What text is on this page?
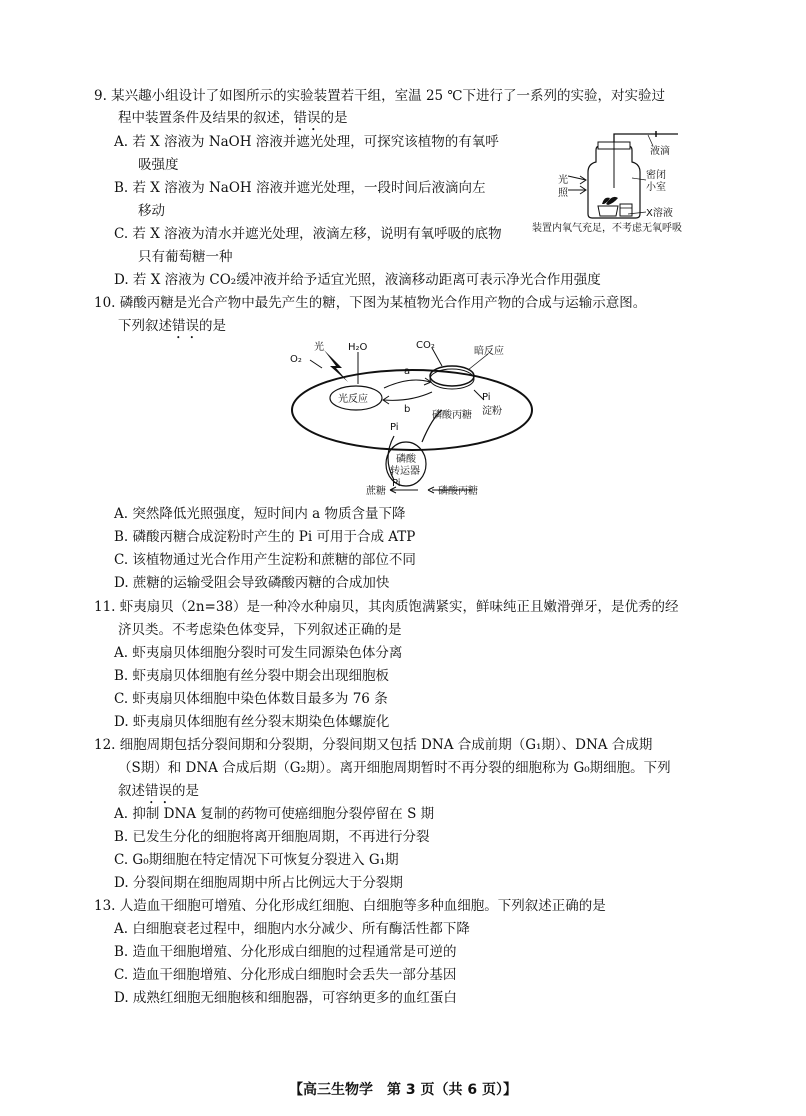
9. 某兴趣小组设计了如图所示的实验装置若干组，室温 25 ℃下进行了一系列的实验，对实验过
程中装置条件及结果的叙述，错误的是
A. 若 X 溶液为 NaOH 溶液并遮光处理，可探究该植物的有氧呼
吸强度
B. 若 X 溶液为 NaOH 溶液并遮光处理，一段时间后液滴向左
移动
C. 若 X 溶液为清水并遮光处理，液滴左移，说明有氧呼吸的底物
只有葡萄糖一种
D. 若 X 溶液为 CO₂缓冲液并给予适宜光照，液滴移动距离可表示净光合作用强度
液滴
光
照
密闭
小室
X溶液
装置内氧气充足，不考虑无氧呼吸
10. 磷酸丙糖是光合产物中最先产生的糖，下图为某植物光合作用产物的合成与运输示意图。
下列叙述错误的是
光
O₂
H₂O	CO₂
暗反应
a
b
光反应	Pi
淀粉
磷酸丙糖
Pi
磷酸
转运器
Pi
蔗糖	磷酸丙糖
A. 突然降低光照强度，短时间内 a 物质含量下降
B. 磷酸丙糖合成淀粉时产生的 Pi 可用于合成 ATP
C. 该植物通过光合作用产生淀粉和蔗糖的部位不同
D. 蔗糖的运输受阻会导致磷酸丙糖的合成加快
11. 虾夷扇贝（2n=38）是一种冷水种扇贝，其肉质饱满紧实，鲜味纯正且嫩滑弹牙，是优秀的经
济贝类。不考虑染色体变异，下列叙述正确的是
A. 虾夷扇贝体细胞分裂时可发生同源染色体分离
B. 虾夷扇贝体细胞有丝分裂中期会出现细胞板
C. 虾夷扇贝体细胞中染色体数目最多为 76 条
D. 虾夷扇贝体细胞有丝分裂末期染色体螺旋化
12. 细胞周期包括分裂间期和分裂期，分裂间期又包括 DNA 合成前期（G₁期）、DNA 合成期
（S期）和 DNA 合成后期（G₂期）。离开细胞周期暂时不再分裂的细胞称为 G₀期细胞。下列
叙述错误的是
A. 抑制 DNA 复制的药物可使癌细胞分裂停留在 S 期
B. 已发生分化的细胞将离开细胞周期，不再进行分裂
C. G₀期细胞在特定情况下可恢复分裂进入 G₁期
D. 分裂间期在细胞周期中所占比例远大于分裂期
13. 人造血干细胞可增殖、分化形成红细胞、白细胞等多种血细胞。下列叙述正确的是
A. 白细胞衰老过程中，细胞内水分减少、所有酶活性都下降
B. 造血干细胞增殖、分化形成白细胞的过程通常是可逆的
C. 造血干细胞增殖、分化形成白细胞时会丢失一部分基因
D. 成熟红细胞无细胞核和细胞器，可容纳更多的血红蛋白
【高三生物学　第 3 页（共 6 页）】
